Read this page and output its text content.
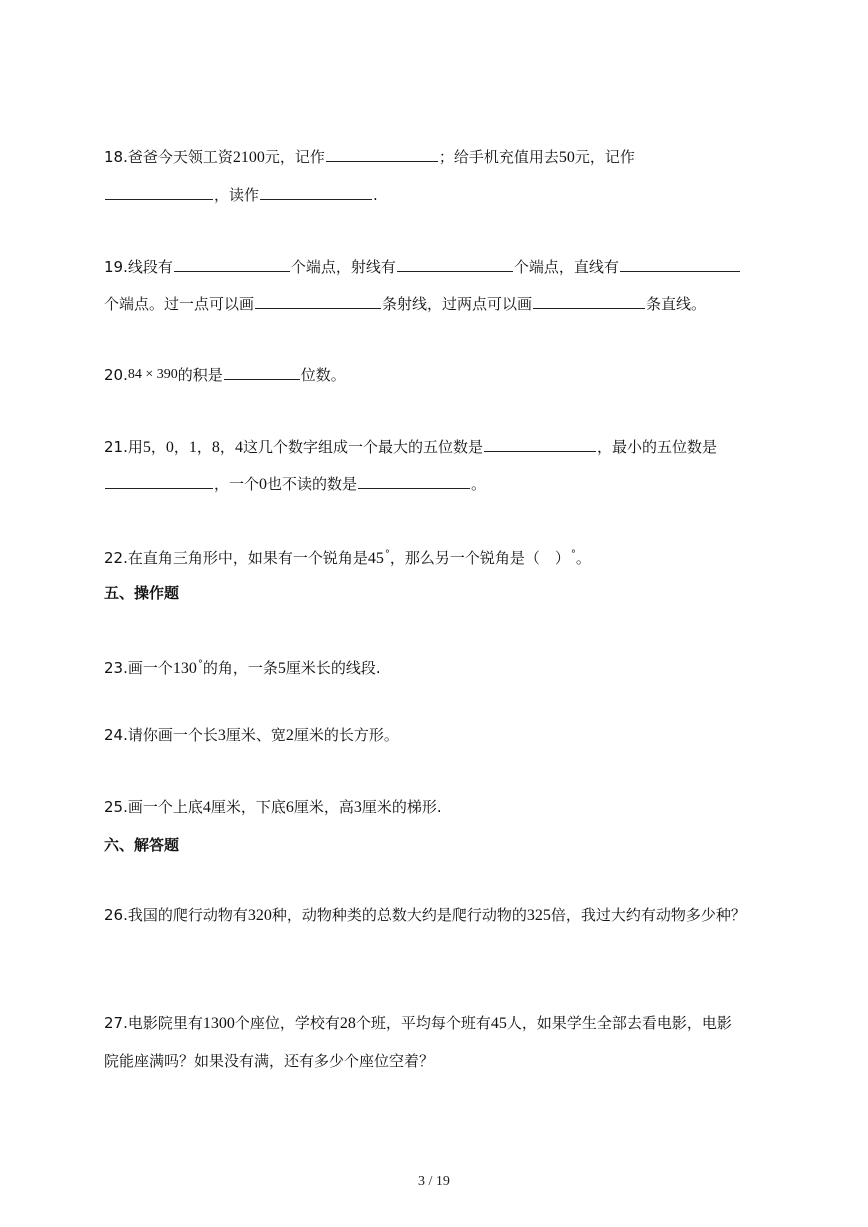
18.爸爸今天领工资2100元，记作	；给手机充值用去50元，记作
，读作	.
19.线段有	个端点，射线有	个端点，直线有
个端点。过一点可以画	条射线，过两点可以画	条直线。
20.84 × 390的积是	位数。
21.用5，0，1，8，4这几个数字组成一个最大的五位数是	，最小的五位数是
，一个0也不读的数是	。
22.在直角三角形中，如果有一个锐角是45°，那么另一个锐角是（　）°。
五、操作题
23.画一个130°的角，一条5厘米长的线段.
24.请你画一个长3厘米、宽2厘米的长方形。
25.画一个上底4厘米，下底6厘米，高3厘米的梯形.
六、解答题
26.我国的爬行动物有320种，动物种类的总数大约是爬行动物的325倍，我过大约有动物多少种？
27.电影院里有1300个座位，学校有28个班，平均每个班有45人，如果学生全部去看电影，电影
院能座满吗？如果没有满，还有多少个座位空着？
3 / 19
